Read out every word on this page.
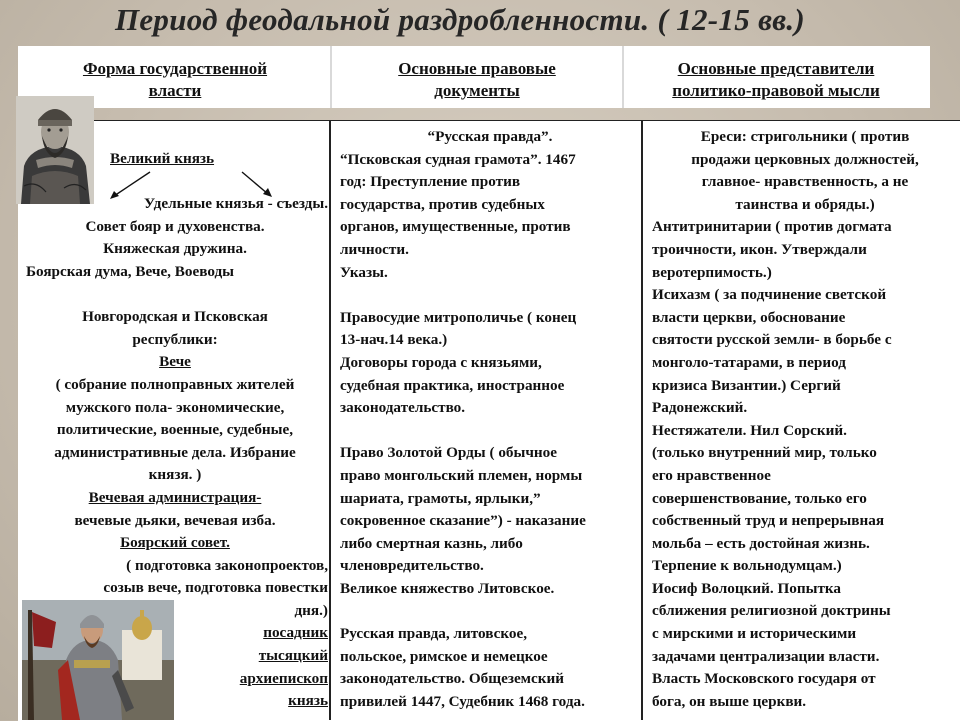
Период феодальной раздробленности. ( 12-15 вв.)
Форма государственной
власти
Основные правовые
документы
Основные представители
политико-правовой мысли
Великий князь

Удельные князья - съезды.
Совет бояр и духовенства.
Княжеская дружина.
Боярская дума, Вече, Воеводы

Новгородская и Псковская
республики:
Вече
( собрание полноправных жителей
мужского пола- экономические,
политические, военные, судебные,
административные дела. Избрание
князя. )
Вечевая администрация-
вечевые дьяки, вечевая изба.
Боярский совет.
( подготовка законопроектов,
созыв вече, подготовка повестки
дня.)
посадник
тысяцкий
архиепископ
князь
“Русская правда”.
“Псковская судная грамота”. 1467
год: Преступление против
государства, против судебных
органов, имущественные, против
личности.
Указы.

Правосудие митрополичье ( конец
13-нач.14 века.)
Договоры города с князьями,
судебная практика, иностранное
законодательство.

Право Золотой Орды ( обычное
право монгольский племен, нормы
шариата, грамоты, ярлыки,”
сокровенное сказание”) - наказание
либо смертная казнь, либо
членовредительство.
Великое княжество Литовское.

Русская правда, литовское,
польское, римское и немецкое
законодательство. Общеземский
привилей 1447, Судебник 1468 года.
Ереси: стригольники ( против
продажи церковных должностей,
главное- нравственность, а не
таинства и обряды.)
Антитринитарии ( против догмата
троичности, икон. Утверждали
веротерпимость.)
Исихазм ( за подчинение светской
власти церкви, обоснование
святости русской земли- в борьбе с
монголо-татарами, в период
кризиса Византии.) Сергий
Радонежский.
Нестяжатели. Нил Сорский.
(только внутренний мир, только
его нравственное
совершенствование, только его
собственный труд и непрерывная
мольба – есть достойная жизнь.
Терпение к вольнодумцам.)
Иосиф Волоцкий. Попытка
сближения религиозной доктрины
с мирскими и историческими
задачами централизации власти.
Власть Московского государя от
бога, он выше церкви.
